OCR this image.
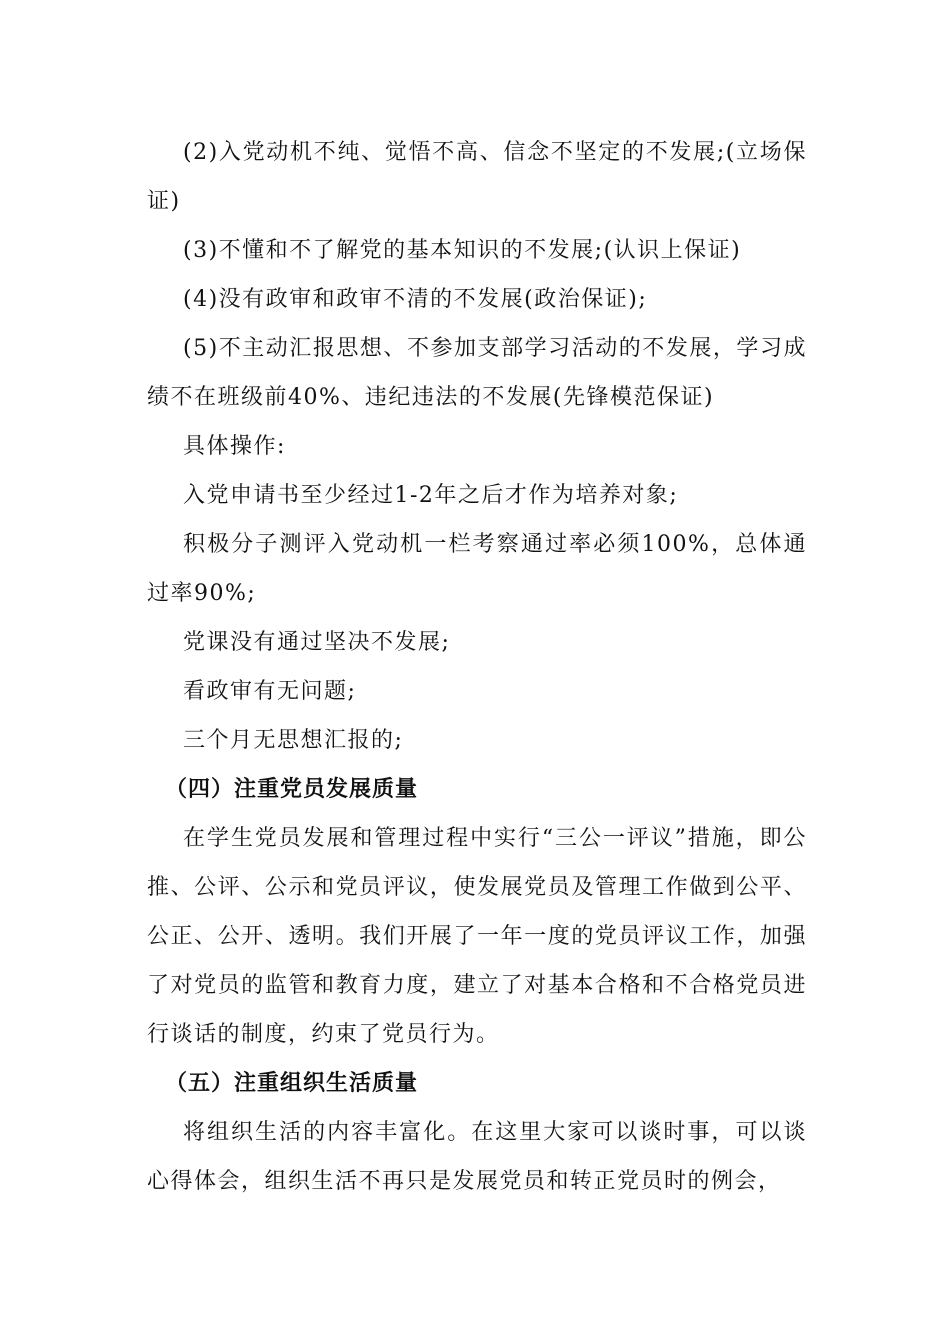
(2)入党动机不纯、觉悟不高、信念不坚定的不发展;(立场保证)

(3)不懂和不了解党的基本知识的不发展;(认识上保证)

(4)没有政审和政审不清的不发展(政治保证);

(5)不主动汇报思想、不参加支部学习活动的不发展，学习成绩不在班级前40%、违纪违法的不发展(先锋模范保证)

具体操作:

入党申请书至少经过1-2年之后才作为培养对象;

积极分子测评入党动机一栏考察通过率必须100%，总体通过率90%;

党课没有通过坚决不发展;

看政审有无问题;

三个月无思想汇报的;

（四）注重党员发展质量

在学生党员发展和管理过程中实行“三公一评议”措施，即公推、公评、公示和党员评议，使发展党员及管理工作做到公平、公正、公开、透明。我们开展了一年一度的党员评议工作，加强了对党员的监管和教育力度，建立了对基本合格和不合格党员进行谈话的制度，约束了党员行为。

（五）注重组织生活质量

将组织生活的内容丰富化。在这里大家可以谈时事，可以谈心得体会，组织生活不再只是发展党员和转正党员时的例会，
